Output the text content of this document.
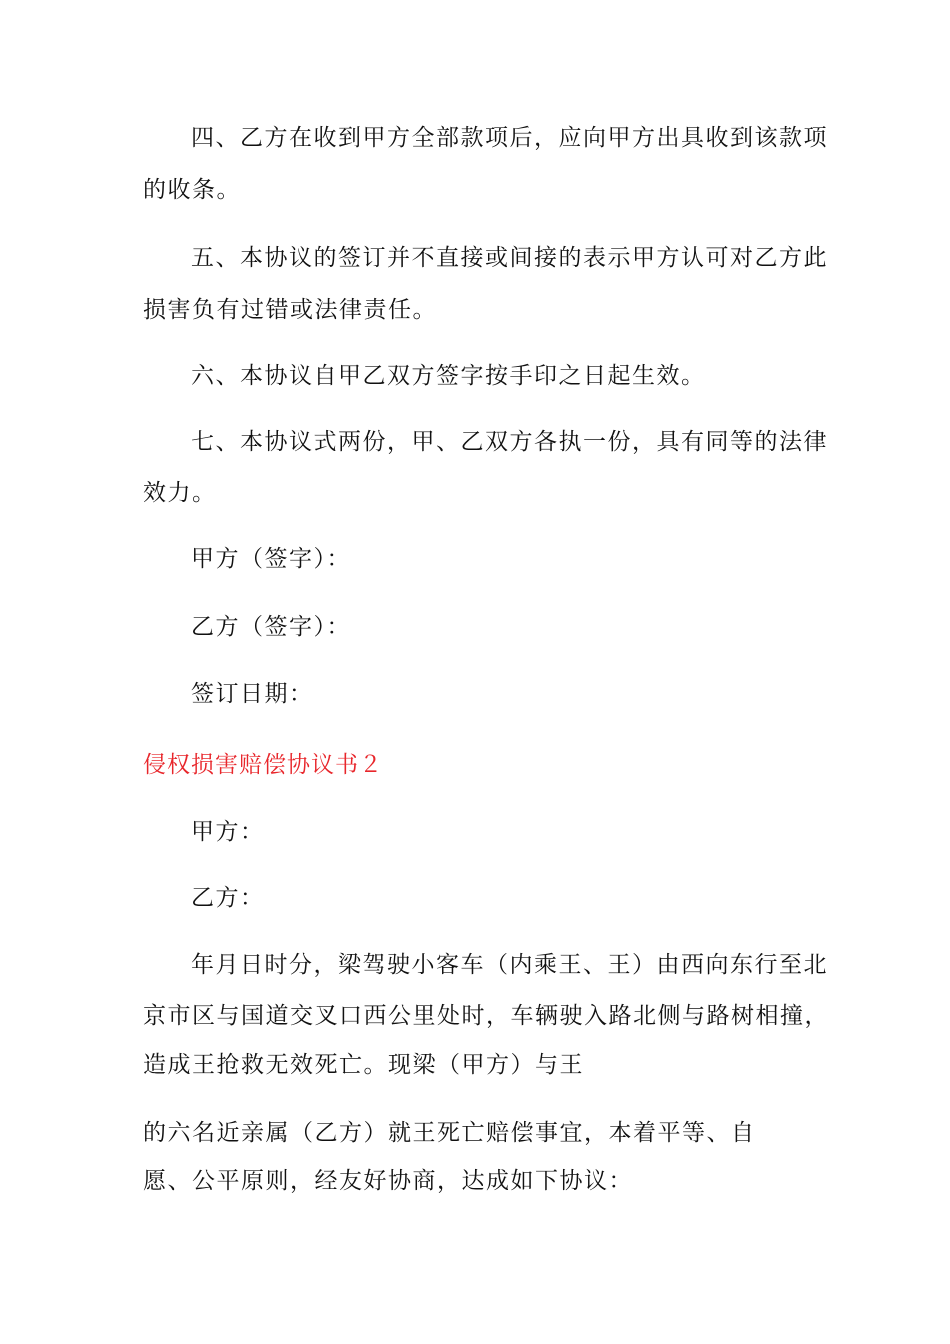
四、乙方在收到甲方全部款项后，应向甲方出具收到该款项
的收条。
五、本协议的签订并不直接或间接的表示甲方认可对乙方此
损害负有过错或法律责任。
六、本协议自甲乙双方签字按手印之日起生效。
七、本协议式两份，甲、乙双方各执一份，具有同等的法律
效力。
甲方（签字）：
乙方（签字）：
签订日期：
侵权损害赔偿协议书２
甲方：
乙方：
年月日时分，梁驾驶小客车（内乘王、王）由西向东行至北
京市区与国道交叉口西公里处时，车辆驶入路北侧与路树相撞，
造成王抢救无效死亡。现梁（甲方）与王
的六名近亲属（乙方）就王死亡赔偿事宜，本着平等、自
愿、公平原则，经友好协商，达成如下协议：
